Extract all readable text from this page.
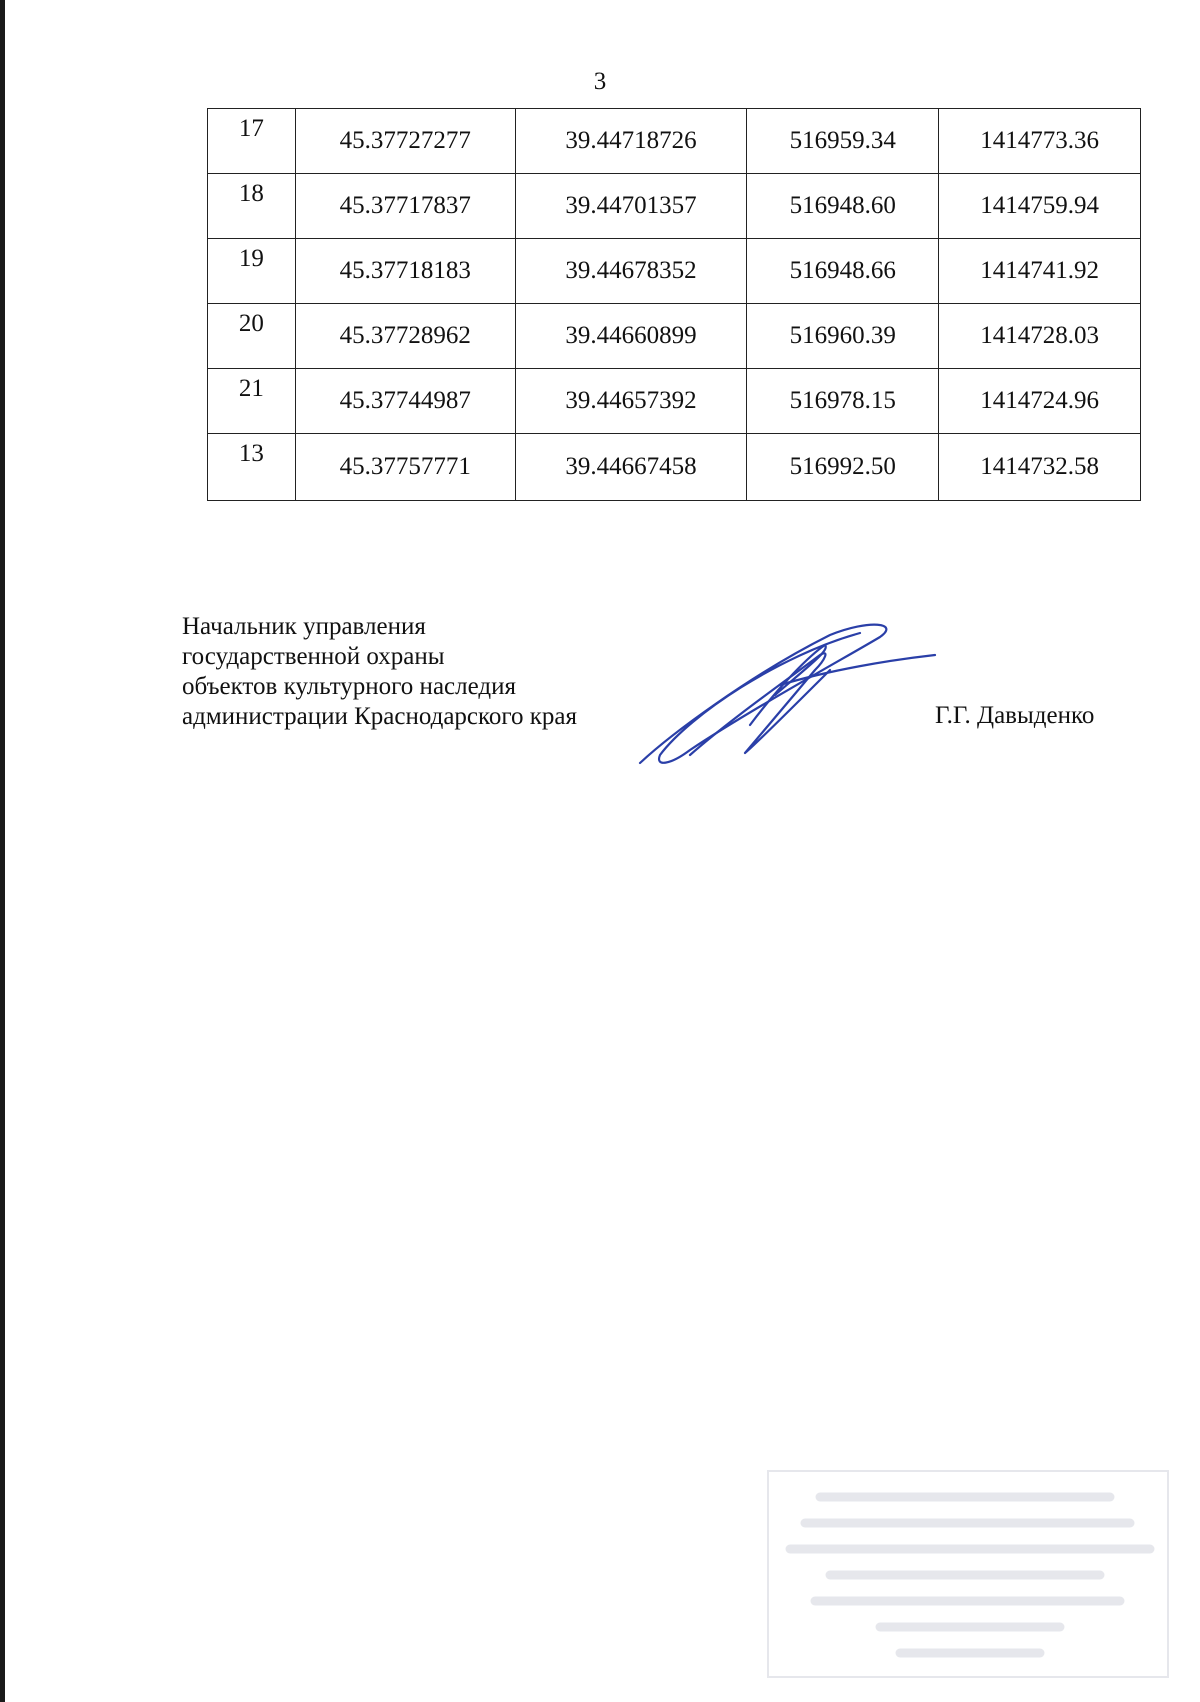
3
17	45.37727277	39.44718726	516959.34	1414773.36
18	45.37717837	39.44701357	516948.60	1414759.94
19	45.37718183	39.44678352	516948.66	1414741.92
20	45.37728962	39.44660899	516960.39	1414728.03
21	45.37744987	39.44657392	516978.15	1414724.96
13	45.37757771	39.44667458	516992.50	1414732.58
Начальник управления
государственной охраны
объектов культурного наследия
администрации Краснодарского края	Г.Г. Давыденко
